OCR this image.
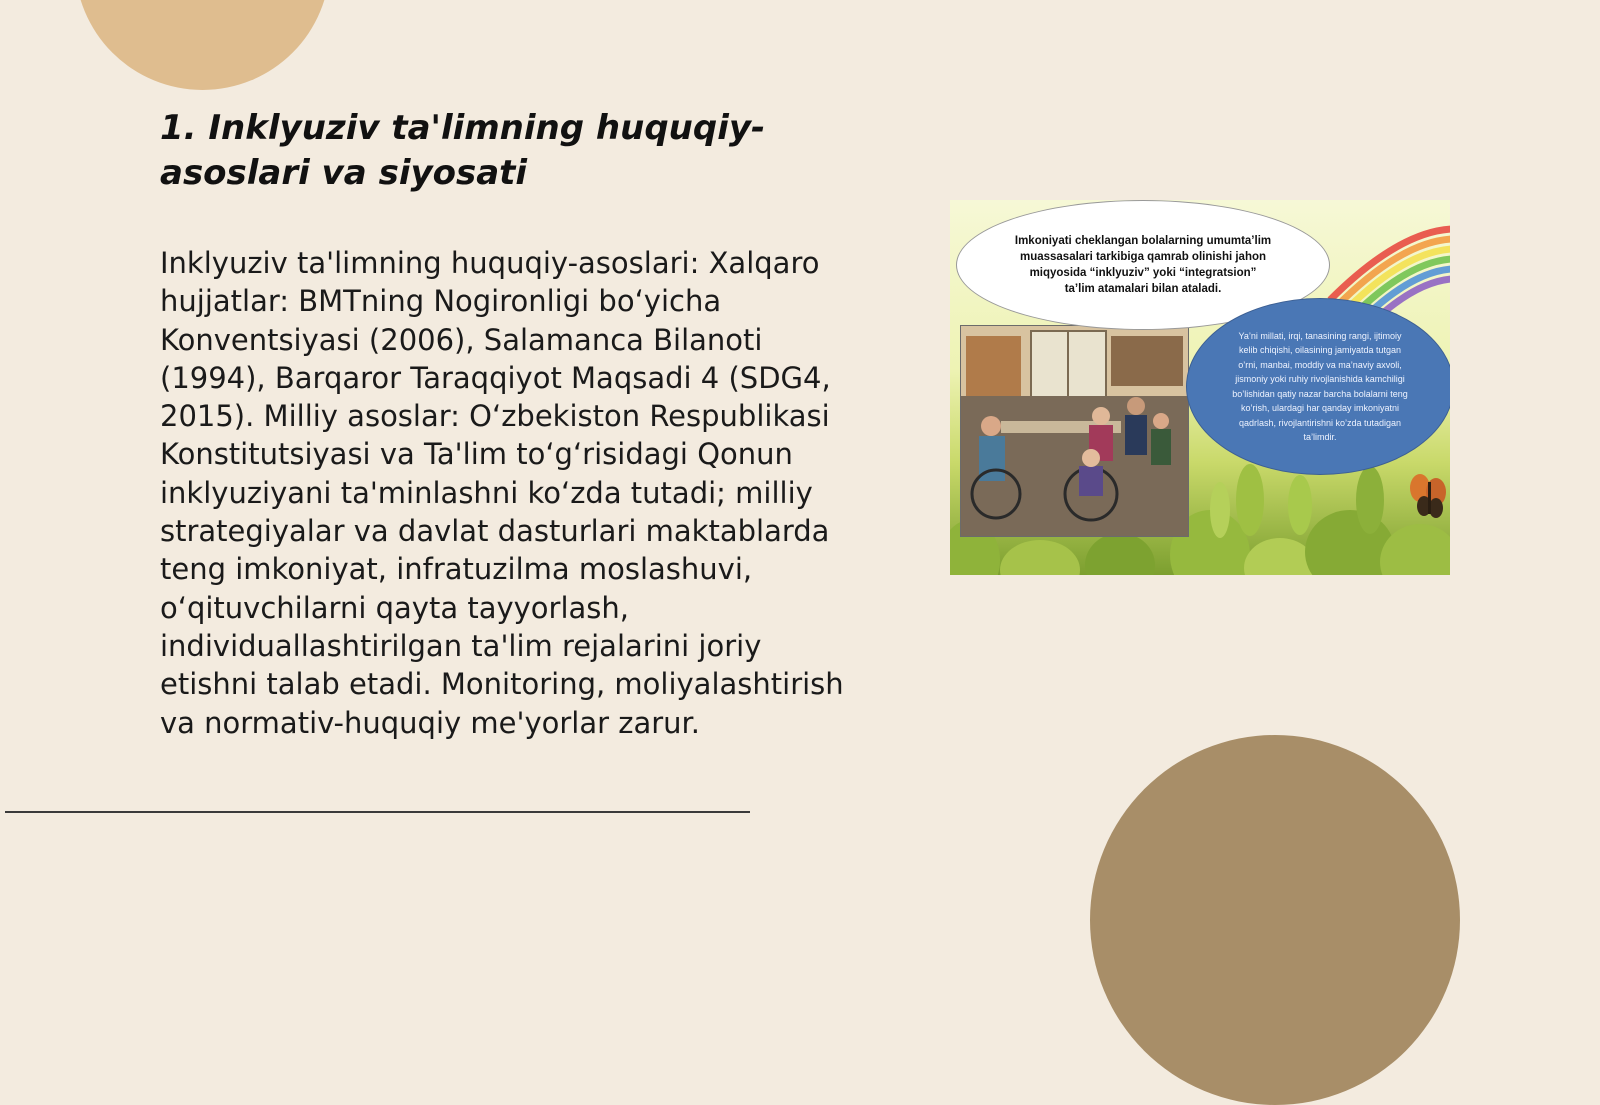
1. Inklyuziv ta'limning huquqiy-asoslari va siyosati

Inklyuziv ta'limning huquqiy-asoslari: Xalqaro hujjatlar: BMTning Nogironligi bo‘yicha Konventsiyasi (2006), Salamanca Bilanoti (1994), Barqaror Taraqqiyot Maqsadi 4 (SDG4, 2015). Milliy asoslar: O‘zbekiston Respublikasi Konstitutsiyasi va Ta'lim to‘g‘risidagi Qonun inklyuziyani ta'minlashni ko‘zda tutadi; milliy strategiyalar va davlat dasturlari maktablarda teng imkoniyat, infratuzilma moslashuvi, o‘qituvchilarni qayta tayyorlash, individuallashtirilgan ta'lim rejalarini joriy etishni talab etadi. Monitoring, moliyalashtirish va normativ-huquqiy me'yorlar zarur.

Imkoniyati cheklangan bolalarning umumta’lim muassasalari tarkibiga qamrab olinishi jahon miqyosida “inklyuziv” yoki “integratsion” ta’lim atamalari bilan ataladi.
Ya’ni millati, irqi, tanasining rangi, ijtimoiy kelib chiqishi, oilasining jamiyatda tutgan o’rni, manbai, moddiy va ma’naviy axvoli, jismoniy yoki ruhiy rivojlanishida kamchiligi bo’lishidan qatiy nazar barcha bolalarni teng ko’rish, ulardagi har qanday imkoniyatni qadrlash, rivojlantirishni ko’zda tutadigan ta’limdir.
